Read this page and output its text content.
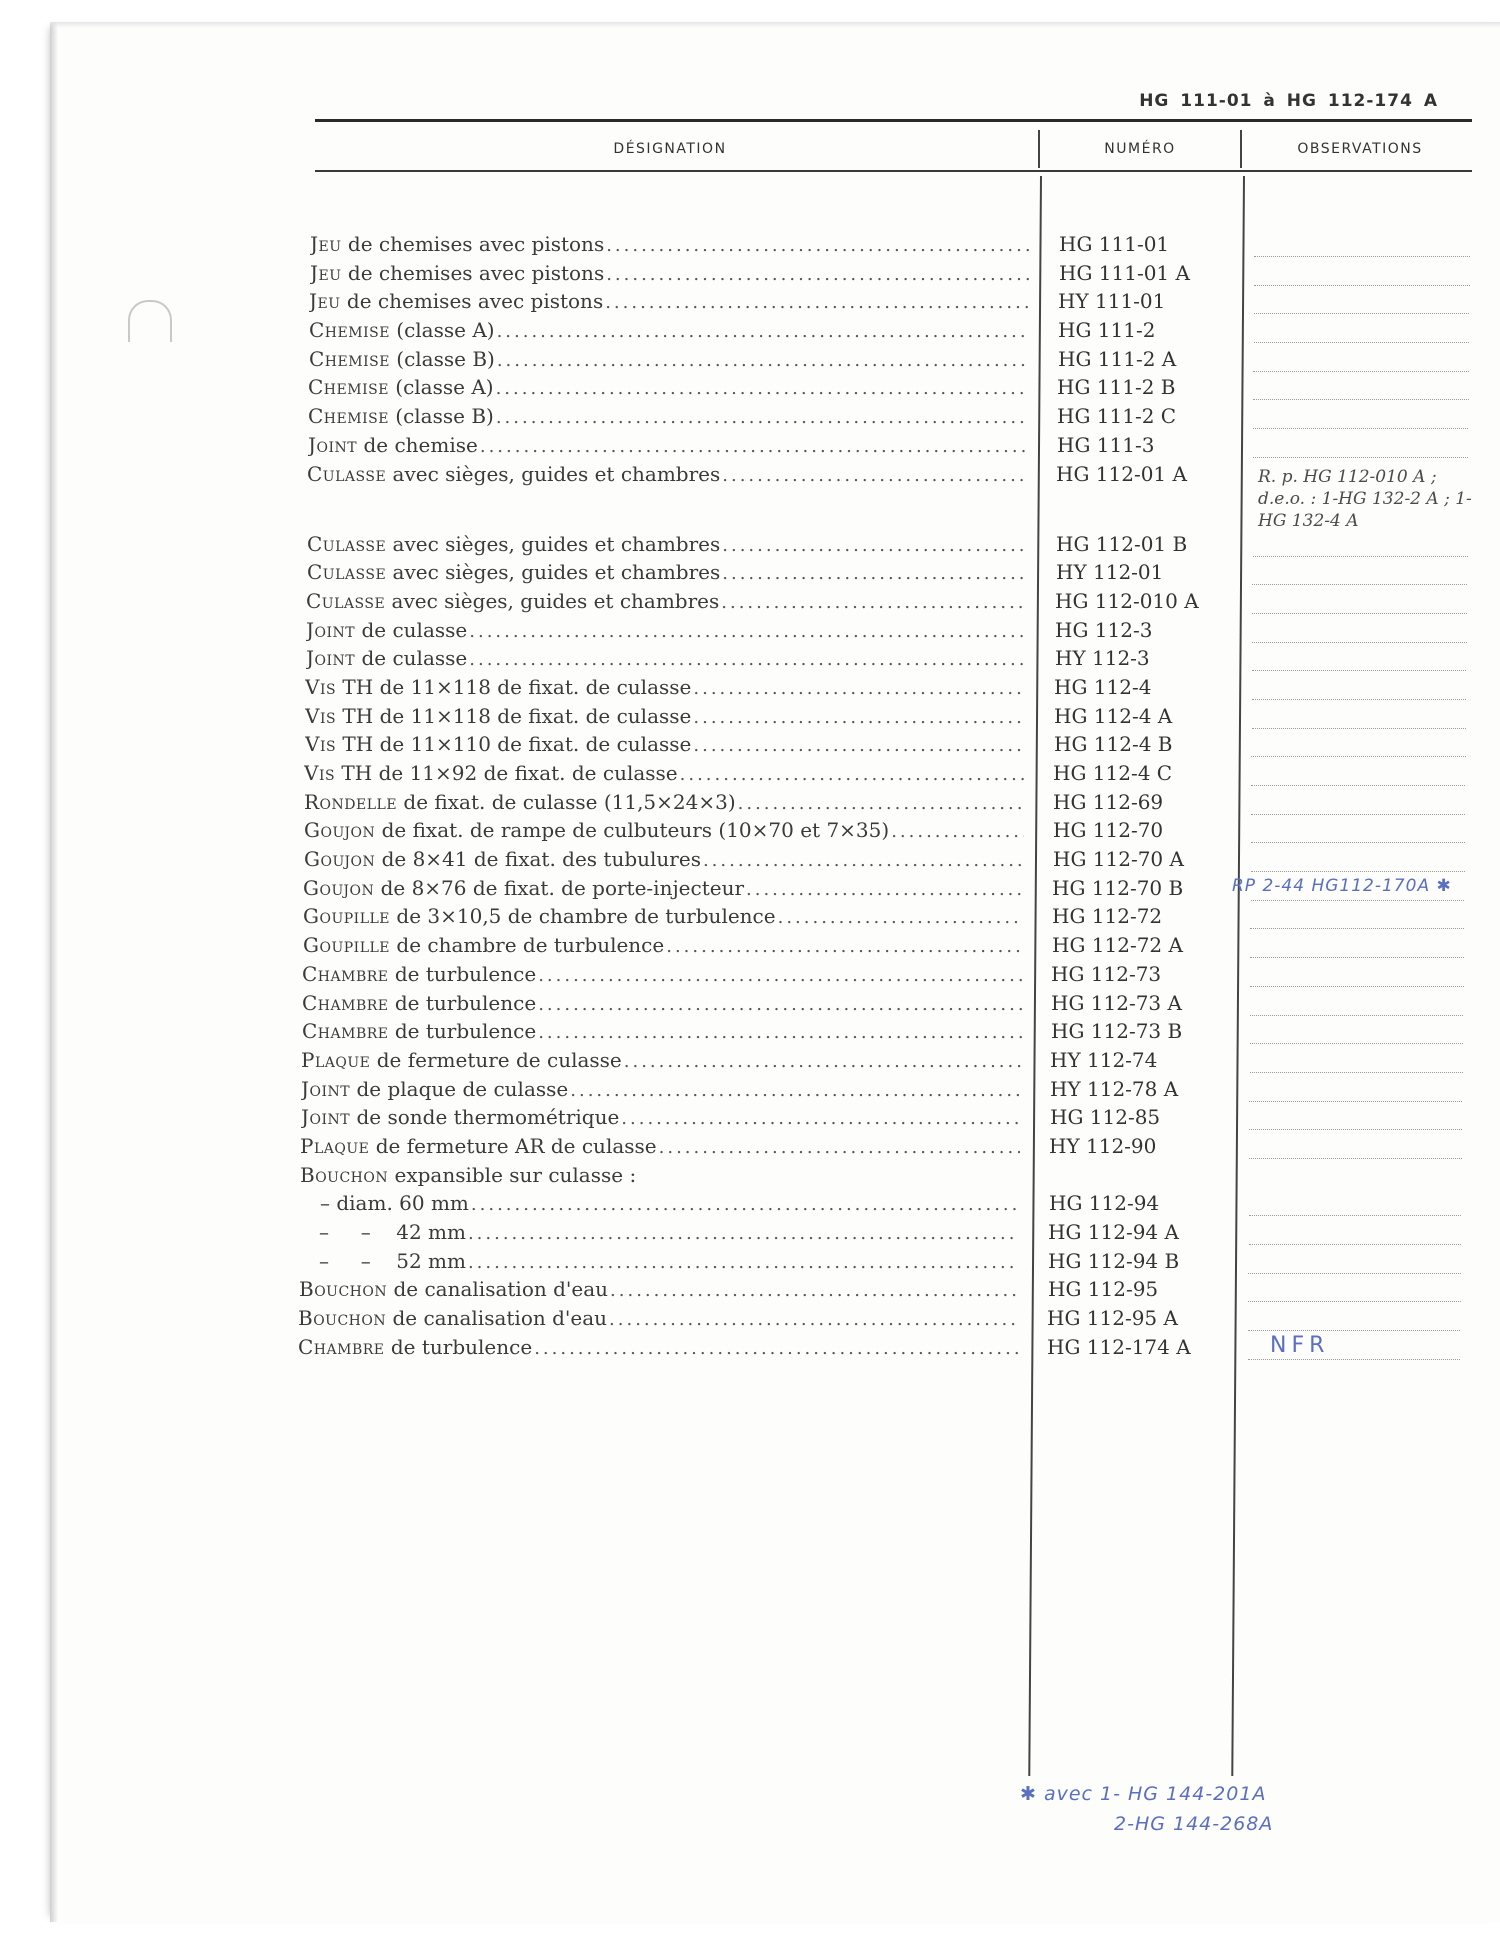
HG 111-01 à HG 112-174 A
DÉSIGNATION	NUMÉRO	OBSERVATIONS
Jeu de chemises avec pistons .....	HG 111-01
Jeu de chemises avec pistons .....	HG 111-01 A
Jeu de chemises avec pistons .....	HY 111-01
Chemise (classe A) .....	HG 111-2
Chemise (classe B) .....	HG 111-2 A
Chemise (classe A) .....	HG 111-2 B
Chemise (classe B) .....	HG 111-2 C
Joint de chemise .....	HG 111-3
Culasse avec sièges, guides et chambres .....	HG 112-01 A	R. p. HG 112-010 A ; d.e.o. : 1-HG 132-2 A ; 1-HG 132-4 A
Culasse avec sièges, guides et chambres .....	HG 112-01 B
Culasse avec sièges, guides et chambres .....	HY 112-01
Culasse avec sièges, guides et chambres .....	HG 112-010 A
Joint de culasse .....	HG 112-3
Joint de culasse .....	HY 112-3
Vis TH de 11×118 de fixat. de culasse .....	HG 112-4
Vis TH de 11×118 de fixat. de culasse .....	HG 112-4 A
Vis TH de 11×110 de fixat. de culasse .....	HG 112-4 B
Vis TH de 11×92 de fixat. de culasse .....	HG 112-4 C
Rondelle de fixat. de culasse (11,5×24×3) .....	HG 112-69
Goujon de fixat. de rampe de culbuteurs (10×70 et 7×35) .....	HG 112-70
Goujon de 8×41 de fixat. des tubulures .....	HG 112-70 A
Goujon de 8×76 de fixat. de porte-injecteur .....	HG 112-70 B	RP 2-44 HG112-170A ✱
Goupille de 3×10,5 de chambre de turbulence .....	HG 112-72
Goupille de chambre de turbulence .....	HG 112-72 A
Chambre de turbulence .....	HG 112-73
Chambre de turbulence .....	HG 112-73 A
Chambre de turbulence .....	HG 112-73 B
Plaque de fermeture de culasse .....	HY 112-74
Joint de plaque de culasse .....	HY 112-78 A
Joint de sonde thermométrique .....	HG 112-85
Plaque de fermeture AR de culasse .....	HY 112-90
Bouchon expansible sur culasse :
– diam. 60 mm .....	HG 112-94
–     –    42 mm .....	HG 112-94 A
–     –    52 mm .....	HG 112-94 B
Bouchon de canalisation d'eau .....	HG 112-95
Bouchon de canalisation d'eau .....	HG 112-95 A
Chambre de turbulence .....	HG 112-174 A	NFR
✱ avec 1- HG 144-201A
2-HG 144-268A
